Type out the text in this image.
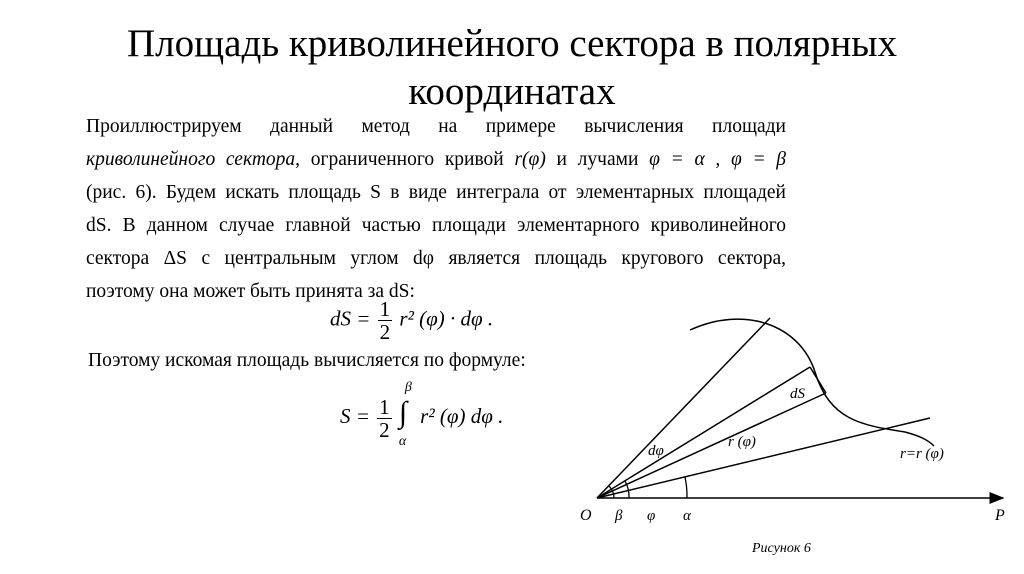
Площадь криволинейного сектора в полярных
координатах
Проиллюстрируем данный метод на примере вычисления площади
криволинейного сектора, ограниченного кривой r(φ) и лучами φ = α , φ = β
(рис. 6). Будем искать площадь S в виде интеграла от элементарных площадей
dS. В данном случае главной частью площади элементарного криволинейного
сектора ΔS с центральным углом dφ является площадь кругового сектора,
поэтому она может быть принята за dS:
dS = $\frac{1}{2} r^2$ (φ) · dφ .
Поэтому искомая площадь вычисляется по формуле:
$S = \frac{1}{2}$

β
∫
α
r² (φ) dφ .
dS
dφ
r (φ)
r=r (φ)
O β φ α	P
Рисунок 6
